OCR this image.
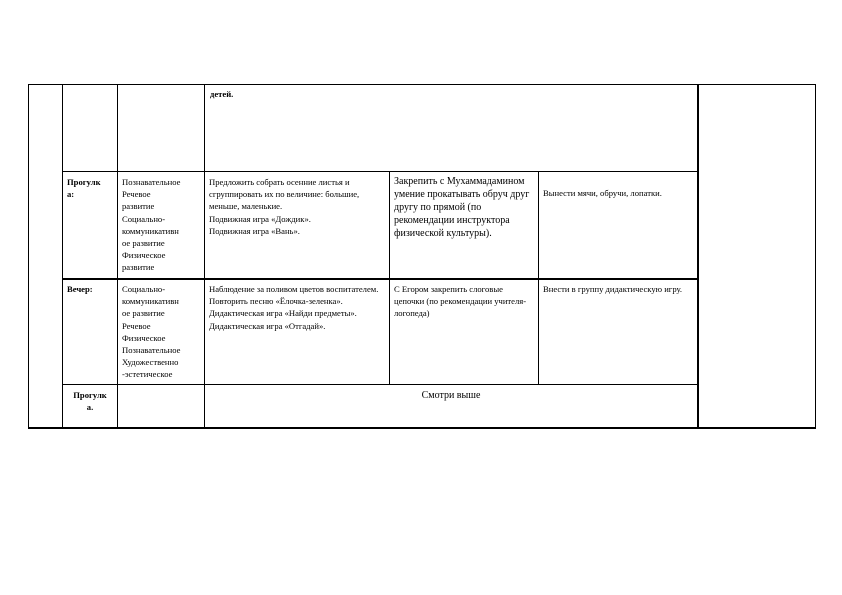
детей.
Прогулк
а:
Познавательное
Речевое
развитие
Социально-
коммуникативн
ое развитие
Физическое
развитие
Предложить собрать осенние листья и сгруппировать их по величине: большие, меньше, маленькие.
Подвижная игра «Дождик».
Подвижная игра «Вань».
Закрепить с Мухаммадамином умение прокатывать обруч друг другу по прямой (по рекомендации инструктора физической культуры).
Вынести мячи, обручи, лопатки.
Вечер:	Социально-
коммуникативн
ое развитие
Речевое
Физическое
Познавательное
Художественно
-эстетическое
Наблюдение за поливом цветов воспитателем.
Повторить песню «Ёлочка-зеленка».
Дидактическая игра «Найди предметы».
Дидактическая игра «Отгадай».
С Егором закрепить слоговые цепочки (по рекомендации учителя-логопеда)
Внести в группу дидактическую игру.
Прогулк
а.
Смотри выше
